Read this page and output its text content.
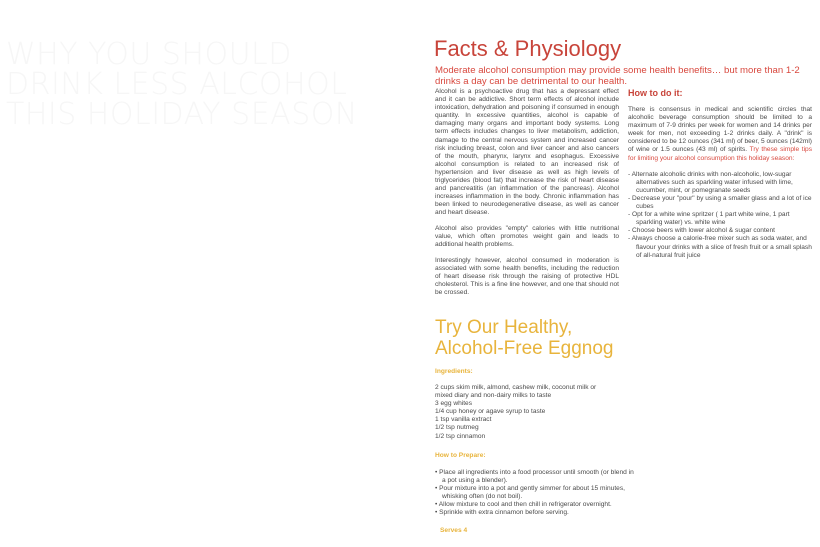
WHY YOU SHOULD
DRINK LESS ALCOHOL
THIS HOLIDAY SEASON
Facts & Physiology
Moderate alcohol consumption may provide some health benefits… but more than 1-2 drinks a day can be detrimental to our health.

Alcohol is a psychoactive drug that has a depressant effect and it can be addictive. Short term effects of alcohol include intoxication, dehydration and poisoning if consumed in enough quantity. In excessive quantities, alcohol is capable of damaging many organs and important body systems. Long term effects includes changes to liver metabolism, addiction, damage to the central nervous system and increased cancer risk including breast, colon and liver cancer and also cancers of the mouth, pharynx, larynx and esophagus. Excessive alcohol consumption is related to an increased risk of hypertension and liver disease as well as high levels of triglycerides (blood fat) that increase the risk of heart disease and pancreatitis (an inflammation of the pancreas). Alcohol increases inflammation in the body. Chronic inflammation has been linked to neurodegenerative disease, as well as cancer and heart disease.

Alcohol also provides "empty" calories with little nutritional value, which often promotes weight gain and leads to additional health problems.

Interestingly however, alcohol consumed in moderation is associated with some health benefits, including the reduction of heart disease risk through the raising of protective HDL cholesterol. This is a fine line however, and one that should not be crossed.

How to do it:
There is consensus in medical and scientific circles that alcoholic beverage consumption should be limited to a maximum of 7-9 drinks per week for women and 14 drinks per week for men, not exceeding 1-2 drinks daily. A "drink" is considered to be 12 ounces (341 ml) of beer, 5 ounces (142ml) of wine or 1.5 ounces (43 ml) of spirits. Try these simple tips for limiting your alcohol consumption this holiday season:
- Alternate alcoholic drinks with non-alcoholic, low-sugar alternatives such as sparkling water infused with lime, cucumber, mint, or pomegranate seeds
- Decrease your "pour" by using a smaller glass and a lot of ice cubes
- Opt for a white wine spritzer ( 1 part white wine, 1 part sparkling water) vs. white wine
- Choose beers with lower alcohol & sugar content
- Always choose a calorie-free mixer such as soda water, and flavour your drinks with a slice of fresh fruit or a small splash of all-natural fruit juice
Try Our Healthy,
Alcohol-Free Eggnog
Ingredients:
2 cups skim milk, almond, cashew milk, coconut milk or
mixed diary and non-dairy milks to taste
3 egg whites
1/4 cup honey or agave syrup to taste
1 tsp vanilla extract
1/2 tsp nutmeg
1/2 tsp cinnamon
How to Prepare:
• Place all ingredients into a food processor until smooth (or blend in a pot using a blender).
• Pour mixture into a pot and gently simmer for about 15 minutes, whisking often (do not boil).
• Allow mixture to cool and then chill in refrigerator overnight.
• Sprinkle with extra cinnamon before serving.
Serves 4
